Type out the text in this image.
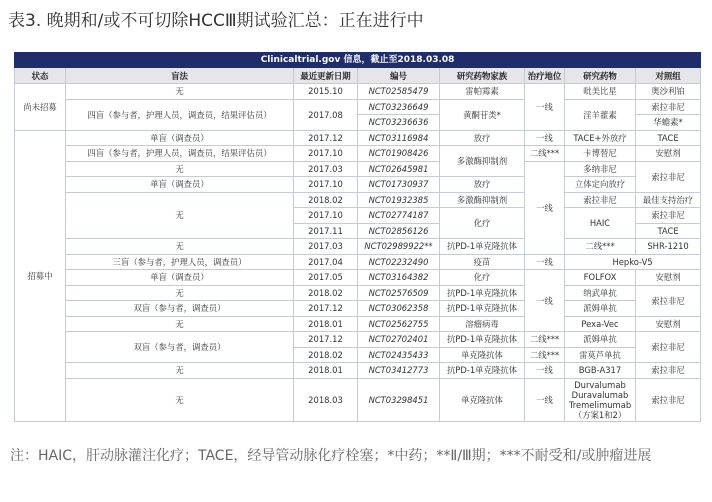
表3. 晚期和/或不可切除HCCⅢ期试验汇总：正在进行中
Clinicaltrial.gov 信息，截止至2018.03.08							
状态	盲法	最近更新日期	编号	研究药物家族	治疗地位	研究药物	对照组
尚未招募	无	2015.10	NCT02585479	雷帕霉素	一线	吡美比星	奥沙利铂
	四盲（参与者，护理人员，调查员，结果评估员）	2017.08	NCT03236649	黄酮苷类*		淫羊藿素	索拉非尼
			NCT03236636				华蟾素*
招募中	单盲（调查员）	2017.12	NCT03116984	放疗	一线	TACE+外放疗	TACE
	四盲（参与者，护理人员，调查员，结果评估员）	2017.10	NCT01908426	多激酶抑制剂	二线***	卡博替尼	安慰剂
	无	2017.03	NCT02645981		一线	多纳非尼	索拉非尼
	单盲（调查员）	2017.10	NCT01730937	放疗		立体定向放疗	
	无	2018.02	NCT01932385	多激酶抑制剂		索拉非尼	最佳支持治疗
		2017.10	NCT02774187	化疗		HAIC	索拉非尼
		2017.11	NCT02856126				TACE
	无	2017.03	NCT02989922**	抗PD-1单克隆抗体		二线***	SHR-1210
	三盲（参与者，护理人员，调查员）	2017.04	NCT02232490	疫苗	一线	Hepko-V5	
	单盲（调查员）	2017.05	NCT03164382	化疗	一线	FOLFOX	安慰剂
	无	2018.02	NCT02576509	抗PD-1单克隆抗体		纳武单抗	索拉非尼
	双盲（参与者，调查员）	2017.12	NCT03062358	抗PD-1单克隆抗体		派姆单抗	
	无	2018.01	NCT02562755	溶瘤病毒		Pexa-Vec	安慰剂
	双盲（参与者，调查员）	2017.12	NCT02702401	抗PD-1单克隆抗体	二线***	派姆单抗	索拉非尼
		2018.02	NCT02435433	单克隆抗体	二线***	雷莫芦单抗	
	无	2018.01	NCT03412773	抗PD-1单克隆抗体	一线	BGB-A317	索拉非尼
	无	2018.03	NCT03298451	单克隆抗体	一线	Durvalumab
Duravalumab
Tremelimumab
（方案1和2）	索拉非尼
注：HAIC，肝动脉灌注化疗；TACE，经导管动脉化疗栓塞；*中药；**Ⅱ/Ⅲ期；***不耐受和/或肿瘤进展
